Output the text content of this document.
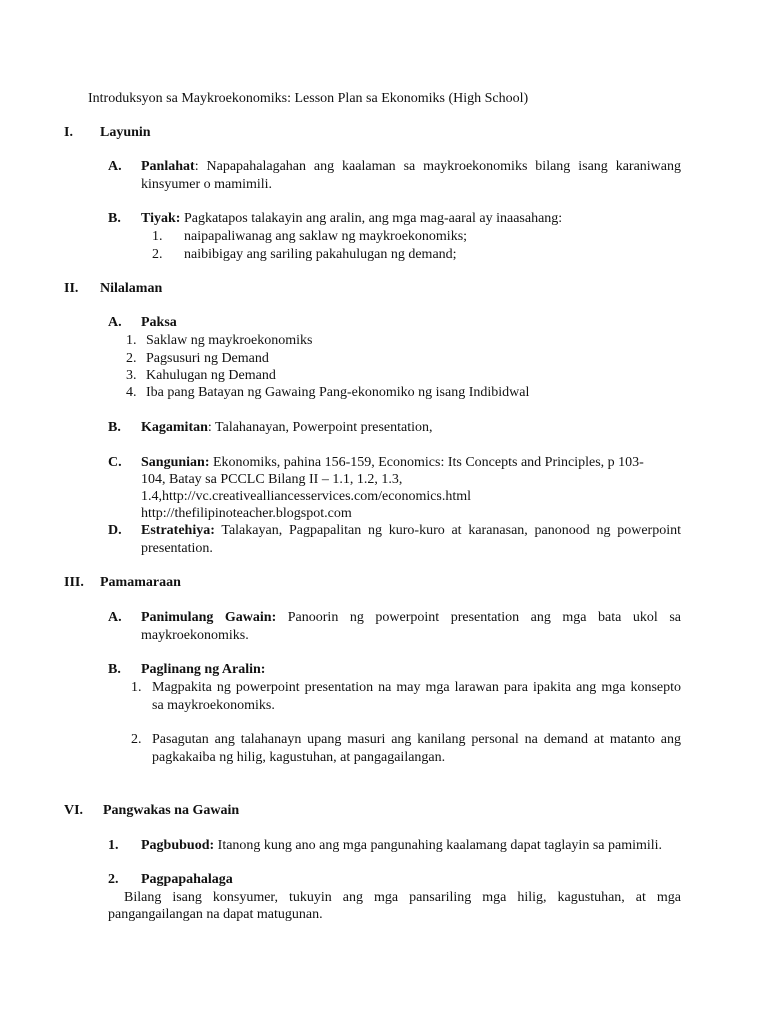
Introduksyon sa Maykroekonomiks: Lesson Plan sa Ekonomiks (High School)
I. Layunin
A. Panlahat: Napapahalagahan ang kaalaman sa maykroekonomiks bilang isang karaniwang
kinsyumer o mamimili.
B. Tiyak: Pagkatapos talakayin ang aralin, ang mga mag-aaral ay inaasahang:
1. naipapaliwanag ang saklaw ng maykroekonomiks;
2. naibibigay ang sariling pakahulugan ng demand;
II. Nilalaman
A. Paksa
1. Saklaw ng maykroekonomiks
2. Pagsusuri ng Demand
3. Kahulugan ng Demand
4. Iba pang Batayan ng Gawaing Pang-ekonomiko ng isang Indibidwal
B. Kagamitan: Talahanayan, Powerpoint presentation,
C. Sangunian: Ekonomiks, pahina 156-159, Economics: Its Concepts and Principles, p 103-
104, Batay sa PCCLC Bilang II – 1.1, 1.2, 1.3,
1.4,http://vc.creativealliancesservices.com/economics.html
http://thefilipinoteacher.blogspot.com
D. Estratehiya: Talakayan, Pagpapalitan ng kuro-kuro at karanasan, panonood ng powerpoint
presentation.
III. Pamamaraan
A. Panimulang Gawain: Panoorin ng powerpoint presentation ang mga bata ukol sa
maykroekonomiks.
B. Paglinang ng Aralin:
1. Magpakita ng powerpoint presentation na may mga larawan para ipakita ang mga konsepto
sa maykroekonomiks.
2. Pasagutan ang talahanayn upang masuri ang kanilang personal na demand at matanto ang
pagkakaiba ng hilig, kagustuhan, at pangagailangan.
VI. Pangwakas na Gawain
1. Pagbubuod: Itanong kung ano ang mga pangunahing kaalamang dapat taglayin sa pamimili.
2. Pagpapahalaga
Bilang isang konsyumer, tukuyin ang mga pansariling mga hilig, kagustuhan, at mga
pangangailangan na dapat matugunan.
